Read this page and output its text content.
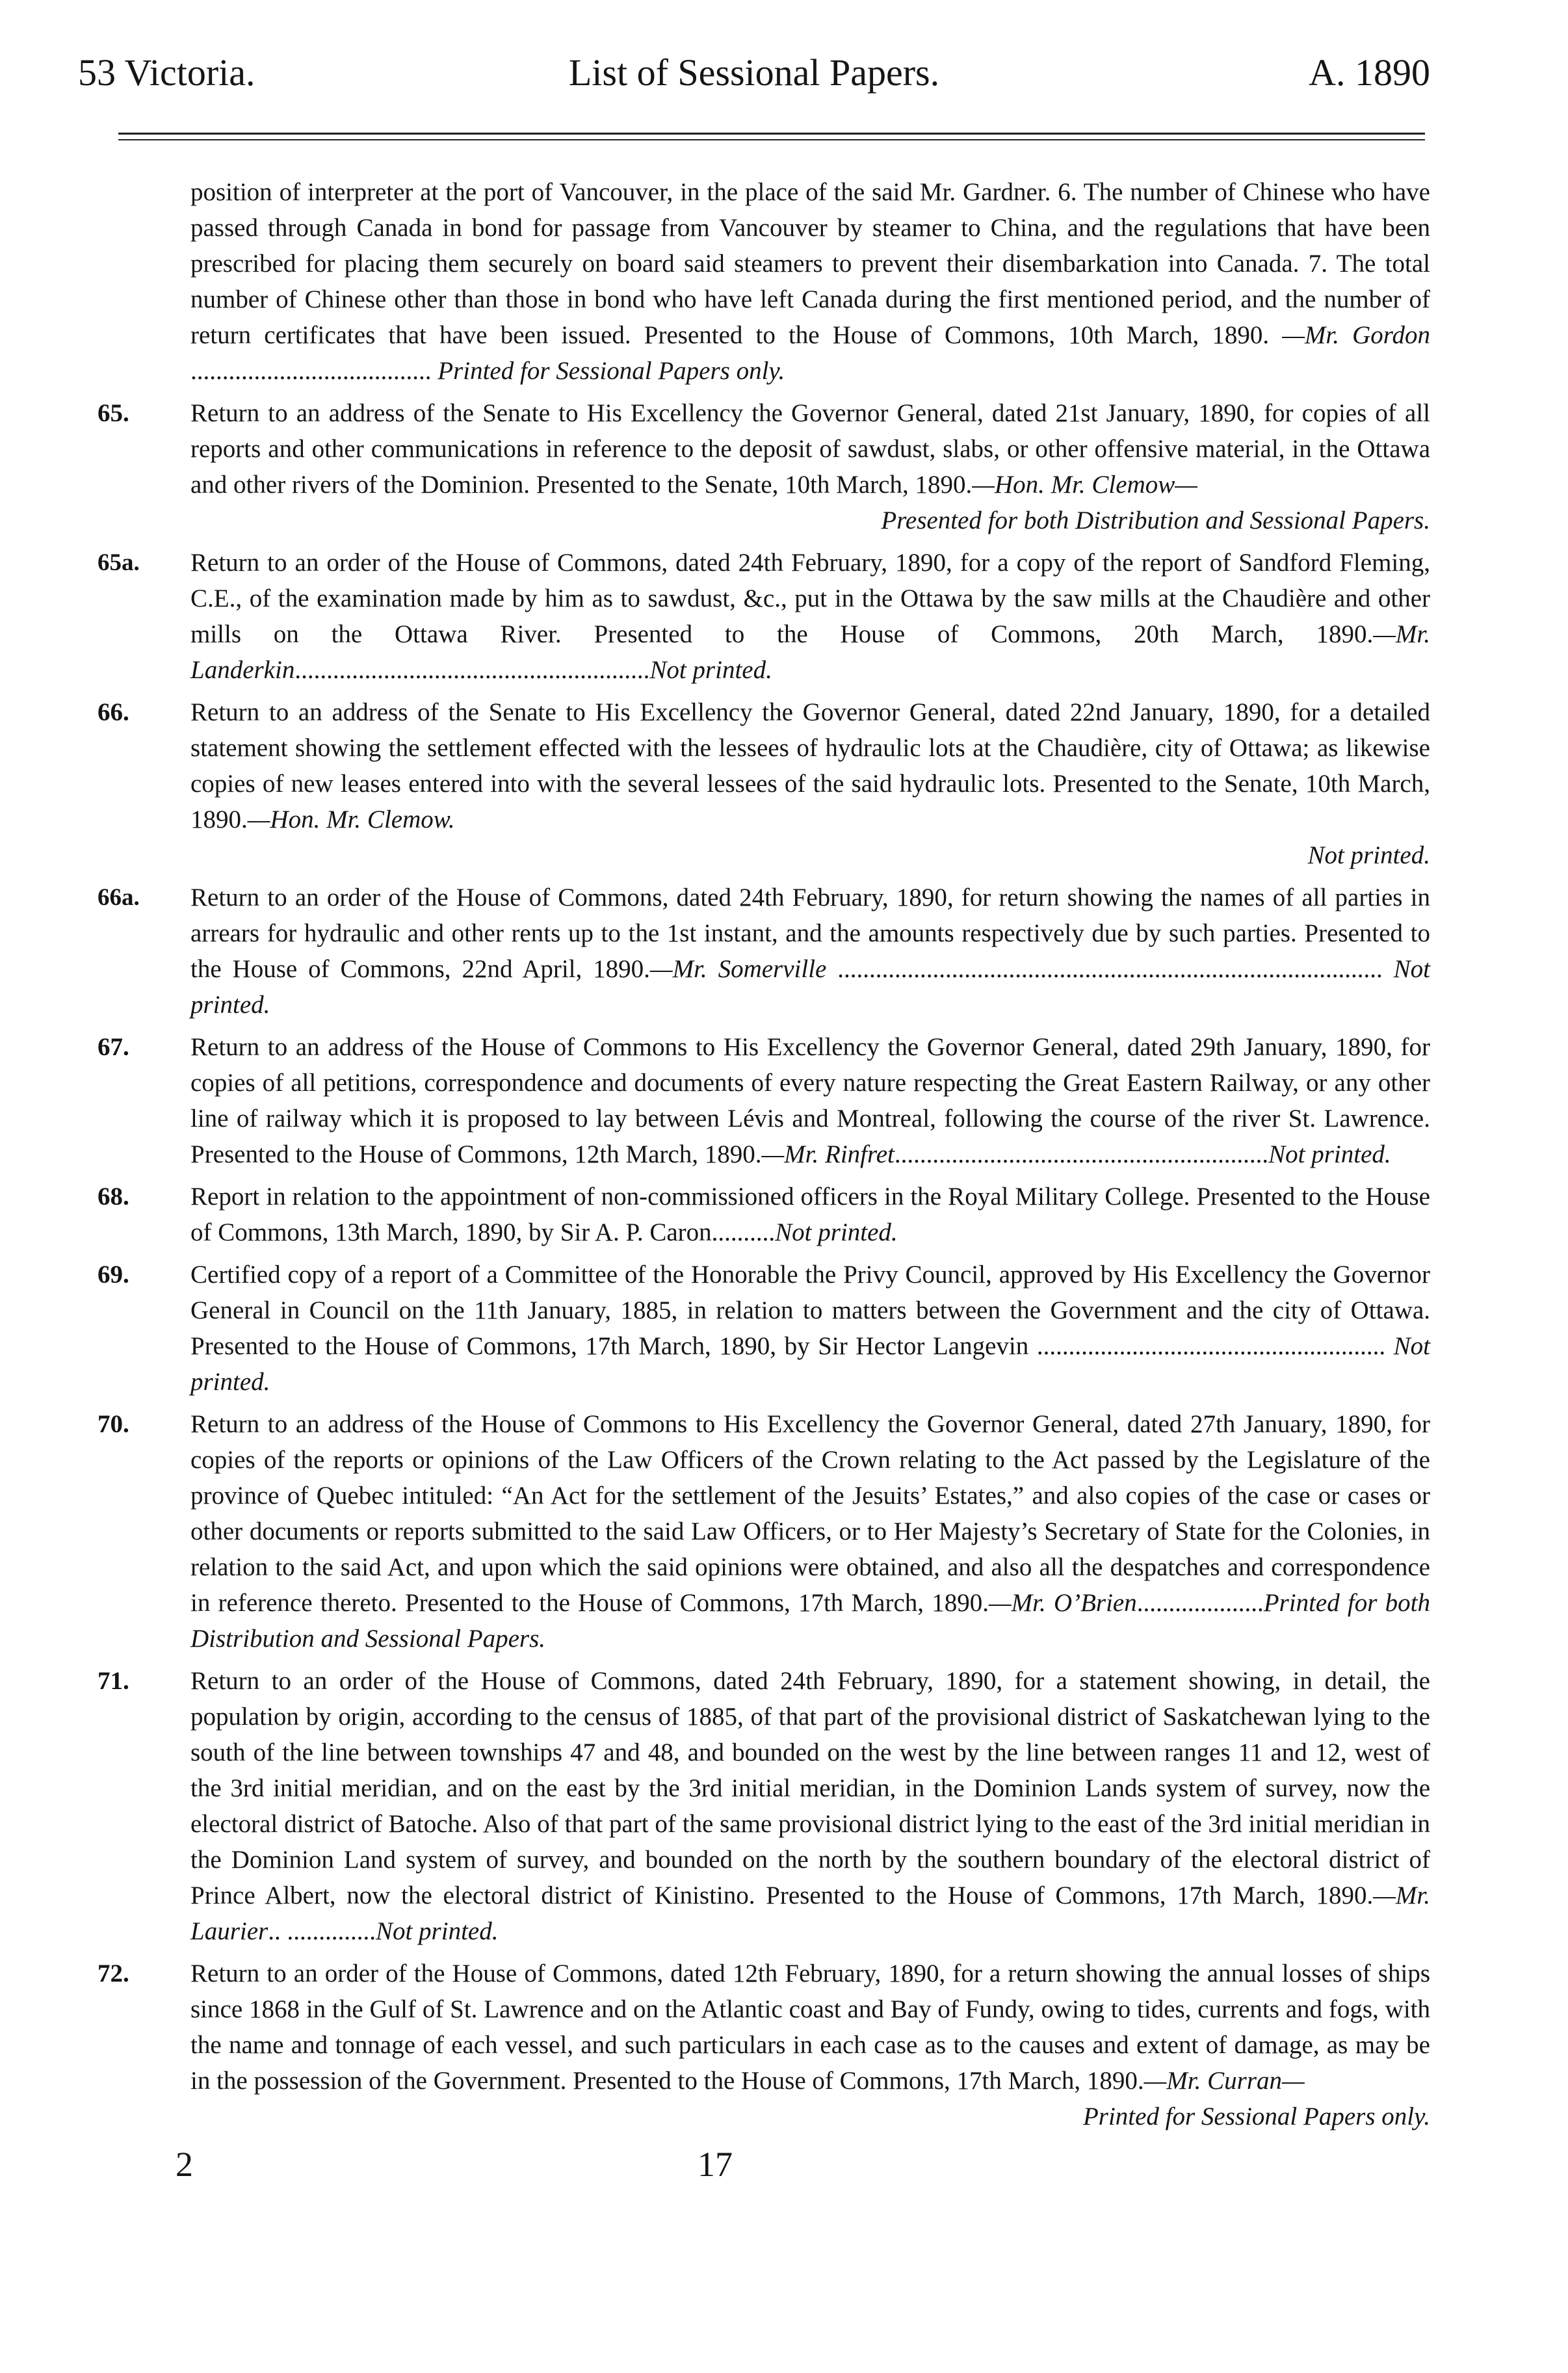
53 Victoria.	List of Sessional Papers.	A. 1890

position of interpreter at the port of Vancouver, in the place of the said Mr. Gardner. 6. The number of Chinese who have passed through Canada in bond for passage from Vancouver by steamer to China, and the regulations that have been prescribed for placing them securely on board said steamers to prevent their disembarkation into Canada. 7. The total number of Chinese other than those in bond who have left Canada during the first mentioned period, and the number of return certificates that have been issued. Presented to the House of Commons, 10th March, 1890. —Mr. Gordon ...................................... Printed for Sessional Papers only.

65. Return to an address of the Senate to His Excellency the Governor General, dated 21st January, 1890, for copies of all reports and other communications in reference to the deposit of sawdust, slabs, or other offensive material, in the Ottawa and other rivers of the Dominion. Presented to the Senate, 10th March, 1890.—Hon. Mr. Clemow—
Presented for both Distribution and Sessional Papers.
65a. Return to an order of the House of Commons, dated 24th February, 1890, for a copy of the report of Sandford Fleming, C.E., of the examination made by him as to sawdust, &c., put in the Ottawa by the saw mills at the Chaudière and other mills on the Ottawa River. Presented to the House of Commons, 20th March, 1890.—Mr. Landerkin........................................................Not printed.
66. Return to an address of the Senate to His Excellency the Governor General, dated 22nd January, 1890, for a detailed statement showing the settlement effected with the lessees of hydraulic lots at the Chaudière, city of Ottawa; as likewise copies of new leases entered into with the several lessees of the said hydraulic lots. Presented to the Senate, 10th March, 1890.—Hon. Mr. Clemow.
Not printed.
66a. Return to an order of the House of Commons, dated 24th February, 1890, for return showing the names of all parties in arrears for hydraulic and other rents up to the 1st instant, and the amounts respectively due by such parties. Presented to the House of Commons, 22nd April, 1890.—Mr. Somerville ...................................................................................... Not printed.
67. Return to an address of the House of Commons to His Excellency the Governor General, dated 29th January, 1890, for copies of all petitions, correspondence and documents of every nature respecting the Great Eastern Railway, or any other line of railway which it is proposed to lay between Lévis and Montreal, following the course of the river St. Lawrence. Presented to the House of Commons, 12th March, 1890.—Mr. Rinfret...........................................................Not printed.
68. Report in relation to the appointment of non-commissioned officers in the Royal Military College. Presented to the House of Commons, 13th March, 1890, by Sir A. P. Caron..........Not printed.
69. Certified copy of a report of a Committee of the Honorable the Privy Council, approved by His Excellency the Governor General in Council on the 11th January, 1885, in relation to matters between the Government and the city of Ottawa. Presented to the House of Commons, 17th March, 1890, by Sir Hector Langevin ....................................................... Not printed.
70. Return to an address of the House of Commons to His Excellency the Governor General, dated 27th January, 1890, for copies of the reports or opinions of the Law Officers of the Crown relating to the Act passed by the Legislature of the province of Quebec intituled: “An Act for the settlement of the Jesuits’ Estates,” and also copies of the case or cases or other documents or reports submitted to the said Law Officers, or to Her Majesty’s Secretary of State for the Colonies, in relation to the said Act, and upon which the said opinions were obtained, and also all the despatches and correspondence in reference thereto. Presented to the House of Commons, 17th March, 1890.—Mr. O’Brien....................Printed for both Distribution and Sessional Papers.
71. Return to an order of the House of Commons, dated 24th February, 1890, for a statement showing, in detail, the population by origin, according to the census of 1885, of that part of the provisional district of Saskatchewan lying to the south of the line between townships 47 and 48, and bounded on the west by the line between ranges 11 and 12, west of the 3rd initial meridian, and on the east by the 3rd initial meridian, in the Dominion Lands system of survey, now the electoral district of Batoche. Also of that part of the same provisional district lying to the east of the 3rd initial meridian in the Dominion Land system of survey, and bounded on the north by the southern boundary of the electoral district of Prince Albert, now the electoral district of Kinistino. Presented to the House of Commons, 17th March, 1890.—Mr. Laurier.. ..............Not printed.
72. Return to an order of the House of Commons, dated 12th February, 1890, for a return showing the annual losses of ships since 1868 in the Gulf of St. Lawrence and on the Atlantic coast and Bay of Fundy, owing to tides, currents and fogs, with the name and tonnage of each vessel, and such particulars in each case as to the causes and extent of damage, as may be in the possession of the Government. Presented to the House of Commons, 17th March, 1890.—Mr. Curran—
Printed for Sessional Papers only.
2	17
